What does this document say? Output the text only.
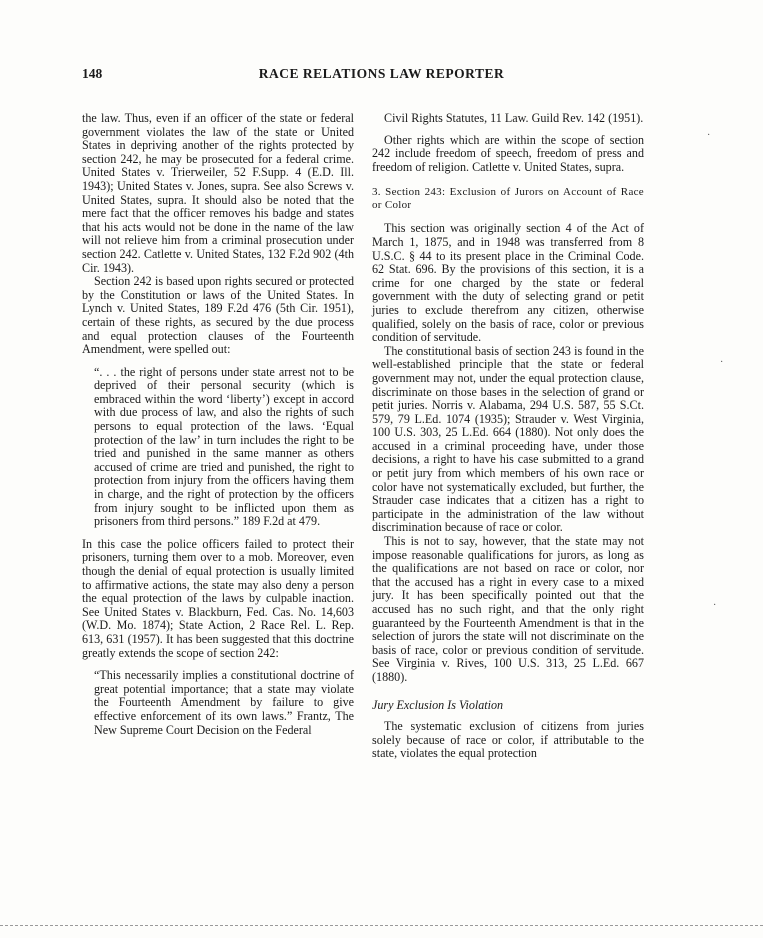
148	RACE RELATIONS LAW REPORTER

the law. Thus, even if an officer of the state or federal government violates the law of the state or United States in depriving another of the rights protected by section 242, he may be prosecuted for a federal crime. United States v. Trierweiler, 52 F.Supp. 4 (E.D. Ill. 1943); United States v. Jones, supra. See also Screws v. United States, supra. It should also be noted that the mere fact that the officer removes his badge and states that his acts would not be done in the name of the law will not relieve him from a criminal prosecution under section 242. Catlette v. United States, 132 F.2d 902 (4th Cir. 1943).

Section 242 is based upon rights secured or protected by the Constitution or laws of the United States. In Lynch v. United States, 189 F.2d 476 (5th Cir. 1951), certain of these rights, as secured by the due process and equal protection clauses of the Fourteenth Amendment, were spelled out:

“. . . the right of persons under state arrest not to be deprived of their personal security (which is embraced within the word ‘liberty’) except in accord with due process of law, and also the rights of such persons to equal protection of the laws. ‘Equal protection of the law’ in turn includes the right to be tried and punished in the same manner as others accused of crime are tried and punished, the right to protection from injury from the officers having them in charge, and the right of protection by the officers from injury sought to be inflicted upon them as prisoners from third persons.” 189 F.2d at 479.

In this case the police officers failed to protect their prisoners, turning them over to a mob. Moreover, even though the denial of equal protection is usually limited to affirmative actions, the state may also deny a person the equal protection of the laws by culpable inaction. See United States v. Blackburn, Fed. Cas. No. 14,603 (W.D. Mo. 1874); State Action, 2 Race Rel. L. Rep. 613, 631 (1957). It has been suggested that this doctrine greatly extends the scope of section 242:

“This necessarily implies a constitutional doctrine of great potential importance; that a state may violate the Fourteenth Amendment by failure to give effective enforcement of its own laws.” Frantz, The New Supreme Court Decision on the Federal

Civil Rights Statutes, 11 Law. Guild Rev. 142 (1951).

Other rights which are within the scope of section 242 include freedom of speech, freedom of press and freedom of religion. Catlette v. United States, supra.

3. Section 243: Exclusion of Jurors on Account of Race or Color

This section was originally section 4 of the Act of March 1, 1875, and in 1948 was transferred from 8 U.S.C. § 44 to its present place in the Criminal Code. 62 Stat. 696. By the provisions of this section, it is a crime for one charged by the state or federal government with the duty of selecting grand or petit juries to exclude therefrom any citizen, otherwise qualified, solely on the basis of race, color or previous condition of servitude.

The constitutional basis of section 243 is found in the well-established principle that the state or federal government may not, under the equal protection clause, discriminate on those bases in the selection of grand or petit juries. Norris v. Alabama, 294 U.S. 587, 55 S.Ct. 579, 79 L.Ed. 1074 (1935); Strauder v. West Virginia, 100 U.S. 303, 25 L.Ed. 664 (1880). Not only does the accused in a criminal proceeding have, under those decisions, a right to have his case submitted to a grand or petit jury from which members of his own race or color have not systematically excluded, but further, the Strauder case indicates that a citizen has a right to participate in the administration of the law without discrimination because of race or color.

This is not to say, however, that the state may not impose reasonable qualifications for jurors, as long as the qualifications are not based on race or color, nor that the accused has a right in every case to a mixed jury. It has been specifically pointed out that the accused has no such right, and that the only right guaranteed by the Fourteenth Amendment is that in the selection of jurors the state will not discriminate on the basis of race, color or previous condition of servitude. See Virginia v. Rives, 100 U.S. 313, 25 L.Ed. 667 (1880).

Jury Exclusion Is Violation

The systematic exclusion of citizens from juries solely because of race or color, if attributable to the state, violates the equal protection

·
·
·
